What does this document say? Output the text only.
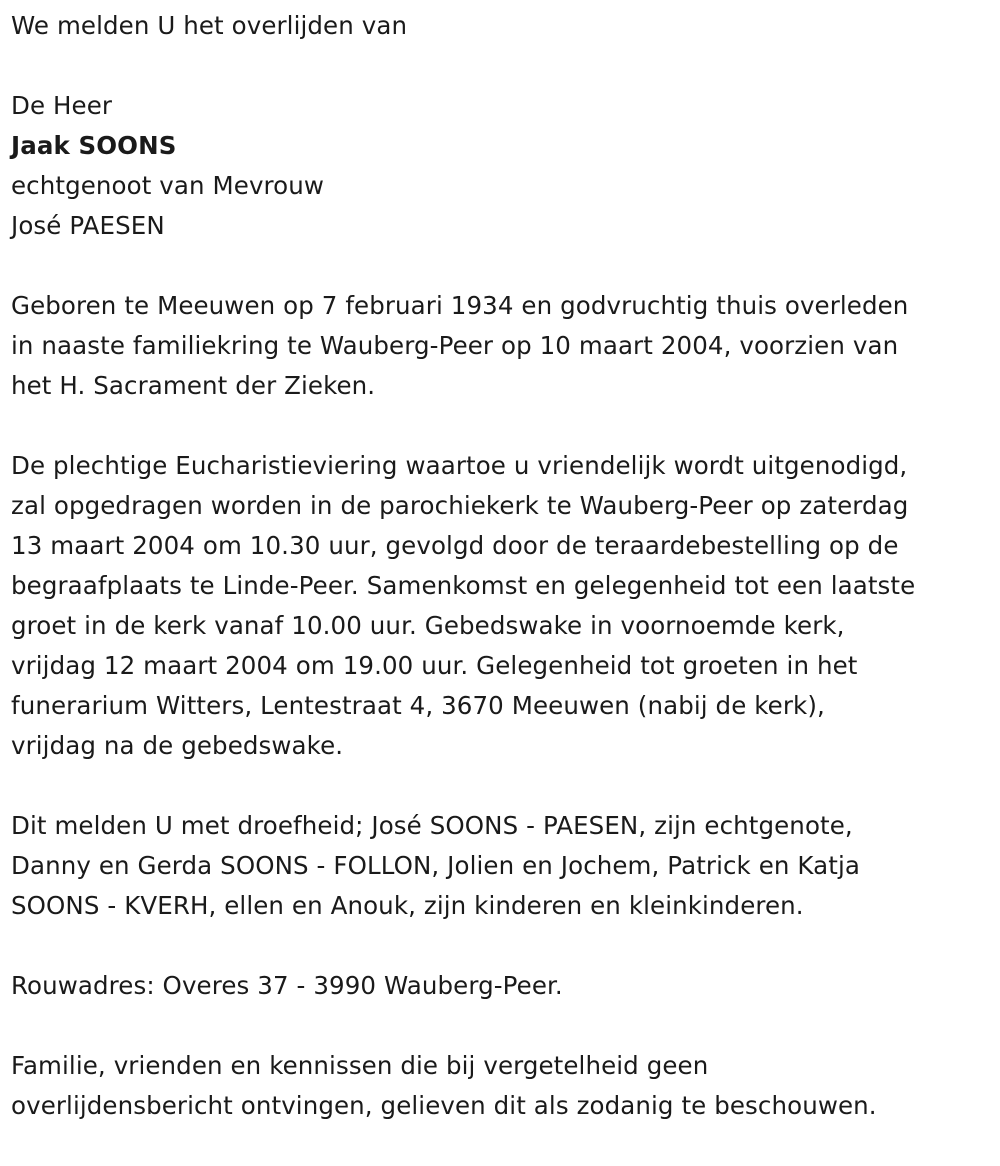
We melden U het overlijden van

De Heer

Jaak SOONS

echtgenoot van Mevrouw

José PAESEN

Geboren te Meeuwen op 7 februari 1934 en godvruchtig thuis overleden
in naaste familiekring te Wauberg-Peer op 10 maart 2004, voorzien van
het H. Sacrament der Zieken.
De plechtige Eucharistieviering waartoe u vriendelijk wordt uitgenodigd,
zal opgedragen worden in de parochiekerk te Wauberg-Peer op zaterdag
13 maart 2004 om 10.30 uur, gevolgd door de teraardebestelling op de
begraafplaats te Linde-Peer. Samenkomst en gelegenheid tot een laatste
groet in de kerk vanaf 10.00 uur. Gebedswake in voornoemde kerk,
vrijdag 12 maart 2004 om 19.00 uur. Gelegenheid tot groeten in het
funerarium Witters, Lentestraat 4, 3670 Meeuwen (nabij de kerk),
vrijdag na de gebedswake.
Dit melden U met droefheid; José SOONS - PAESEN, zijn echtgenote,
Danny en Gerda SOONS - FOLLON, Jolien en Jochem, Patrick en Katja
SOONS - KVERH, ellen en Anouk, zijn kinderen en kleinkinderen.

Rouwadres: Overes 37 - 3990 Wauberg-Peer.

Familie, vrienden en kennissen die bij vergetelheid geen
overlijdensbericht ontvingen, gelieven dit als zodanig te beschouwen.
